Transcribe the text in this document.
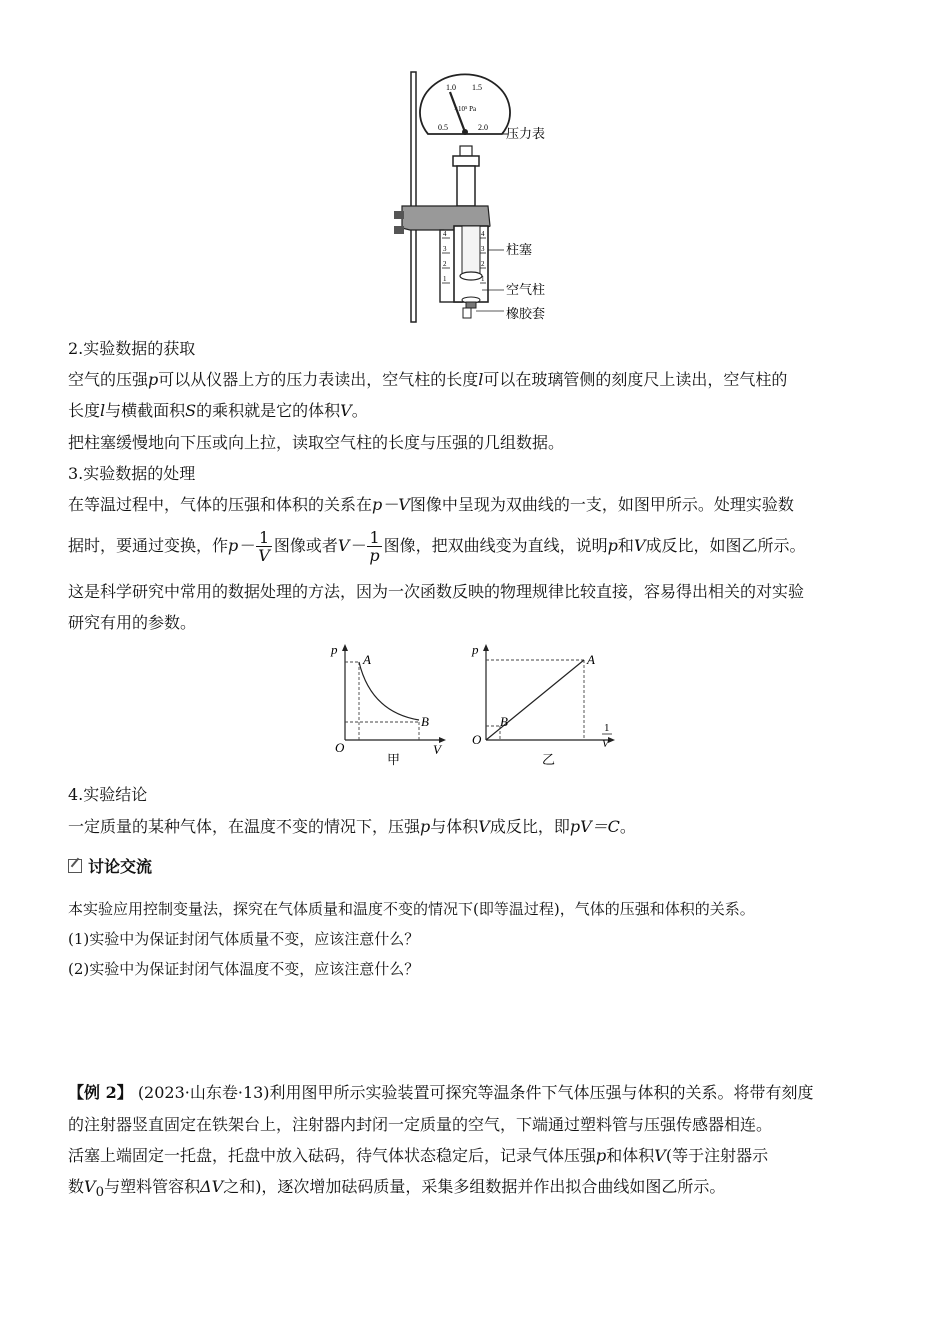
1.0 1.5
0.5	2.0
×10⁵ Pa
压力表
4
3
2
1
4
3
2
1
柱塞
空气柱
橡胶套
2.实验数据的获取
空气的压强p可以从仪器上方的压力表读出，空气柱的长度l可以在玻璃管侧的刻度尺上读出，空气柱的
长度l与横截面积S的乘积就是它的体积V。
把柱塞缓慢地向下压或向上拉，读取空气柱的长度与压强的几组数据。
3.实验数据的处理
在等温过程中，气体的压强和体积的关系在p－V图像中呈现为双曲线的一支，如图甲所示。处理实验数
据时，要通过变换，作$p- \frac{1}{V}$ 图像或者$V- \frac{1}{p}$ 图像，把双曲线变为直线，说明p和V成反比，如图乙所示。
这是科学研究中常用的数据处理的方法，因为一次函数反映的物理规律比较直接，容易得出相关的对实验
研究有用的参数。
p
V
O
A
B
甲
p
1
V
O
A
B
乙
4.实验结论
一定质量的某种气体，在温度不变的情况下，压强p与体积V成反比，即pV＝C。
讨论交流
本实验应用控制变量法，探究在气体质量和温度不变的情况下(即等温过程)，气体的压强和体积的关系。
(1)实验中为保证封闭气体质量不变，应该注意什么？
(2)实验中为保证封闭气体温度不变，应该注意什么？
【例 2】 (2023·山东卷·13)利用图甲所示实验装置可探究等温条件下气体压强与体积的关系。将带有刻度
的注射器竖直固定在铁架台上，注射器内封闭一定质量的空气，下端通过塑料管与压强传感器相连。
活塞上端固定一托盘，托盘中放入砝码，待气体状态稳定后，记录气体压强p和体积V(等于注射器示
数$V_0$与塑料管容积ΔV之和)，逐次增加砝码质量，采集多组数据并作出拟合曲线如图乙所示。
